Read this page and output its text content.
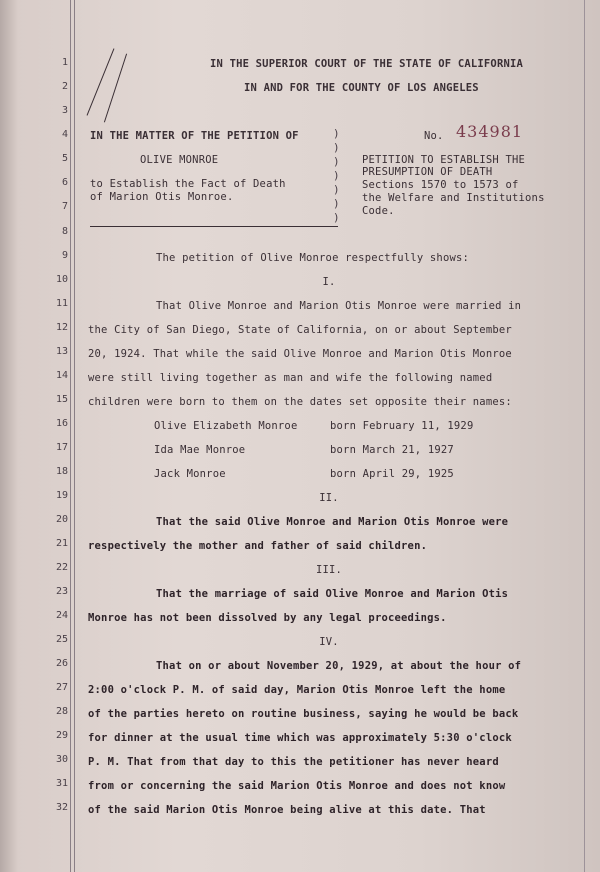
1
2
3
4
5
6
7
8
9
10
11
12
13
14
15
16
17
18
19
20
21
22
23
24
25
26
27
28
29
30
31
32
IN THE SUPERIOR COURT OF THE STATE OF CALIFORNIA
IN AND FOR THE COUNTY OF LOS ANGELES
IN THE MATTER OF THE PETITION OF
OLIVE MONROE
to Establish the Fact of Death
of Marion Otis Monroe.
)
)
)
)
)
)
)
No. 434981
PETITION TO ESTABLISH THE
PRESUMPTION OF DEATH
Sections 1570 to 1573 of
the Welfare and Institutions
Code.
The petition of Olive Monroe respectfully shows:
I.
That Olive Monroe and Marion Otis Monroe were married in
the City of San Diego, State of California, on or about September
20, 1924. That while the said Olive Monroe and Marion Otis Monroe
were still living together as man and wife the following named
children were born to them on the dates set opposite their names:
Olive Elizabeth Monroe	born February 11, 1929
Ida Mae Monroe	born March 21, 1927
Jack Monroe	born April 29, 1925
II.
That the said Olive Monroe and Marion Otis Monroe were
respectively the mother and father of said children.
III.
That the marriage of said Olive Monroe and Marion Otis
Monroe has not been dissolved by any legal proceedings.
IV.
That on or about November 20, 1929, at about the hour of
2:00 o'clock P. M. of said day, Marion Otis Monroe left the home
of the parties hereto on routine business, saying he would be back
for dinner at the usual time which was approximately 5:30 o'clock
P. M. That from that day to this the petitioner has never heard
from or concerning the said Marion Otis Monroe and does not know
of the said Marion Otis Monroe being alive at this date. That
